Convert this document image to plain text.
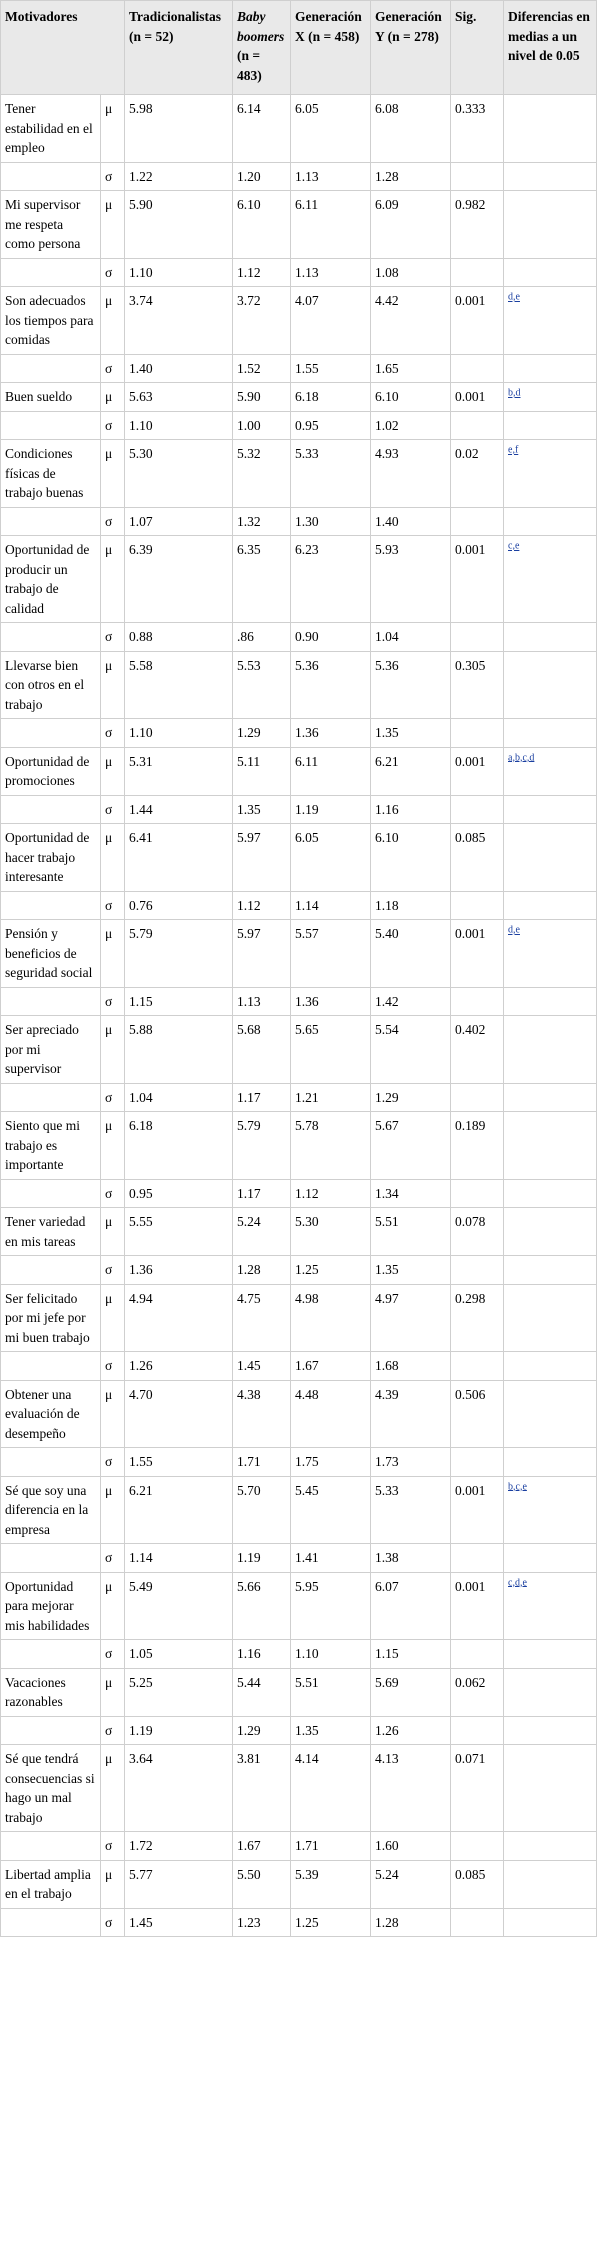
Motivadores		Tradicionalistas (n = 52)	Baby boomers (n = 483)	Generación X (n = 458)	Generación Y (n = 278)	Sig.	Diferencias en medias a un nivel de 0.05
Tener estabilidad en el empleo	μ	5.98	6.14	6.05	6.08	0.333	
	σ	1.22	1.20	1.13	1.28		
Mi supervisor me respeta como persona	μ	5.90	6.10	6.11	6.09	0.982	
	σ	1.10	1.12	1.13	1.08		
Son adecuados los tiempos para comidas	μ	3.74	3.72	4.07	4.42	0.001	$^{d,e}$
	σ	1.40	1.52	1.55	1.65		
Buen sueldo	μ	5.63	5.90	6.18	6.10	0.001	$^{b,d}$
	σ	1.10	1.00	0.95	1.02		
Condiciones físicas de trabajo buenas	μ	5.30	5.32	5.33	4.93	0.02	$^{e,f}$
	σ	1.07	1.32	1.30	1.40		
Oportunidad de producir un trabajo de calidad	μ	6.39	6.35	6.23	5.93	0.001	$^{c,e}$
	σ	0.88	.86	0.90	1.04		
Llevarse bien con otros en el trabajo	μ	5.58	5.53	5.36	5.36	0.305	
	σ	1.10	1.29	1.36	1.35		
Oportunidad de promociones	μ	5.31	5.11	6.11	6.21	0.001	$^{a,b,c,d}$
	σ	1.44	1.35	1.19	1.16		
Oportunidad de hacer trabajo interesante	μ	6.41	5.97	6.05	6.10	0.085	
	σ	0.76	1.12	1.14	1.18		
Pensión y beneficios de seguridad social	μ	5.79	5.97	5.57	5.40	0.001	$^{d,e}$
	σ	1.15	1.13	1.36	1.42		
Ser apreciado por mi supervisor	μ	5.88	5.68	5.65	5.54	0.402	
	σ	1.04	1.17	1.21	1.29		
Siento que mi trabajo es importante	μ	6.18	5.79	5.78	5.67	0.189	
	σ	0.95	1.17	1.12	1.34		
Tener variedad en mis tareas	μ	5.55	5.24	5.30	5.51	0.078	
	σ	1.36	1.28	1.25	1.35		
Ser felicitado por mi jefe por mi buen trabajo	μ	4.94	4.75	4.98	4.97	0.298	
	σ	1.26	1.45	1.67	1.68		
Obtener una evaluación de desempeño	μ	4.70	4.38	4.48	4.39	0.506	
	σ	1.55	1.71	1.75	1.73		
Sé que soy una diferencia en la empresa	μ	6.21	5.70	5.45	5.33	0.001	$^{b,c,e}$
	σ	1.14	1.19	1.41	1.38		
Oportunidad para mejorar mis habilidades	μ	5.49	5.66	5.95	6.07	0.001	$^{c,d,e}$
	σ	1.05	1.16	1.10	1.15		
Vacaciones razonables	μ	5.25	5.44	5.51	5.69	0.062	
	σ	1.19	1.29	1.35	1.26		
Sé que tendrá consecuencias si hago un mal trabajo	μ	3.64	3.81	4.14	4.13	0.071	
	σ	1.72	1.67	1.71	1.60		
Libertad amplia en el trabajo	μ	5.77	5.50	5.39	5.24	0.085	
	σ	1.45	1.23	1.25	1.28		
